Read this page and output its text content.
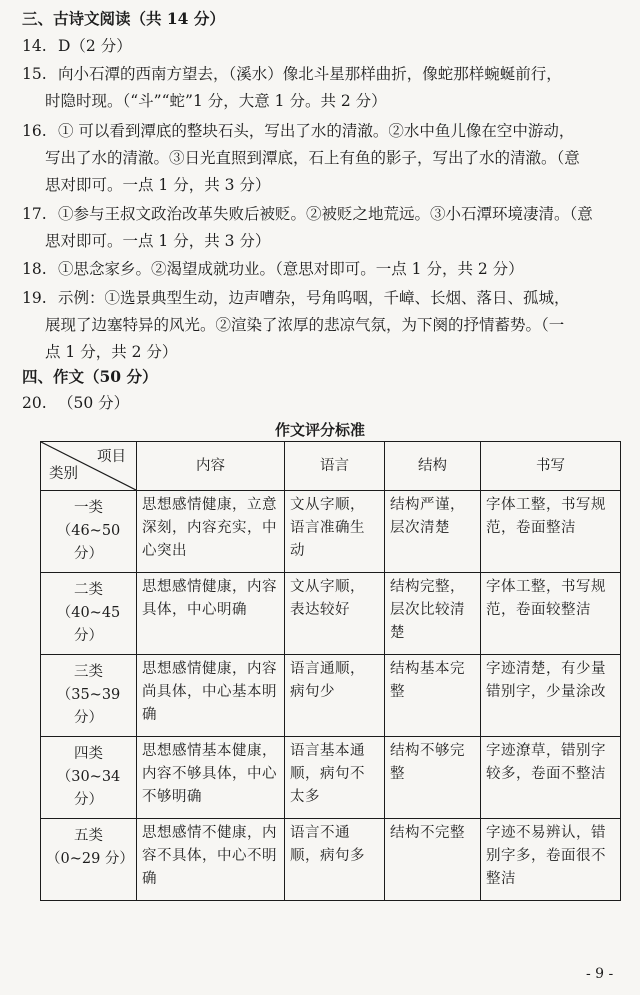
三、古诗文阅读（共 14 分）
14. D（2 分）
15. 向小石潭的西南方望去，（溪水）像北斗星那样曲折，像蛇那样蜿蜒前行，
时隐时现。（“斗”“蛇”1 分，大意 1 分。共 2 分）
16. ① 可以看到潭底的整块石头，写出了水的清澈。②水中鱼儿像在空中游动，
写出了水的清澈。③日光直照到潭底，石上有鱼的影子，写出了水的清澈。（意
思对即可。一点 1 分，共 3 分）
17. ①参与王叔文政治改革失败后被贬。②被贬之地荒远。③小石潭环境凄清。（意
思对即可。一点 1 分，共 3 分）
18. ①思念家乡。②渴望成就功业。（意思对即可。一点 1 分，共 2 分）
19. 示例：①选景典型生动，边声嘈杂，号角呜咽，千嶂、长烟、落日、孤城，
展现了边塞特异的风光。②渲染了浓厚的悲凉气氛，为下阕的抒情蓄势。（一
点 1 分，共 2 分）
四、作文（50 分）
20. （50 分）
作文评分标准
项目
类别	内容	语言	结构	书写

一类
（46~50 分）	思想感情健康，立意深刻，内容充实，中心突出	文从字顺，语言准确生动	结构严谨，层次清楚	字体工整，书写规范，卷面整洁

二类
（40~45 分）	思想感情健康，内容具体，中心明确	文从字顺，表达较好	结构完整，层次比较清楚	字体工整，书写规范，卷面较整洁

三类
（35~39 分）	思想感情健康，内容尚具体，中心基本明确	语言通顺，病句少	结构基本完整	字迹清楚，有少量错别字，少量涂改

四类
（30~34 分）	思想感情基本健康，内容不够具体，中心不够明确	语言基本通顺，病句不太多	结构不够完整	字迹潦草，错别字较多，卷面不整洁

五类
（0~29 分）	思想感情不健康，内容不具体，中心不明确	语言不通顺，病句多	结构不完整	字迹不易辨认，错别字多，卷面很不整洁
- 9 -
